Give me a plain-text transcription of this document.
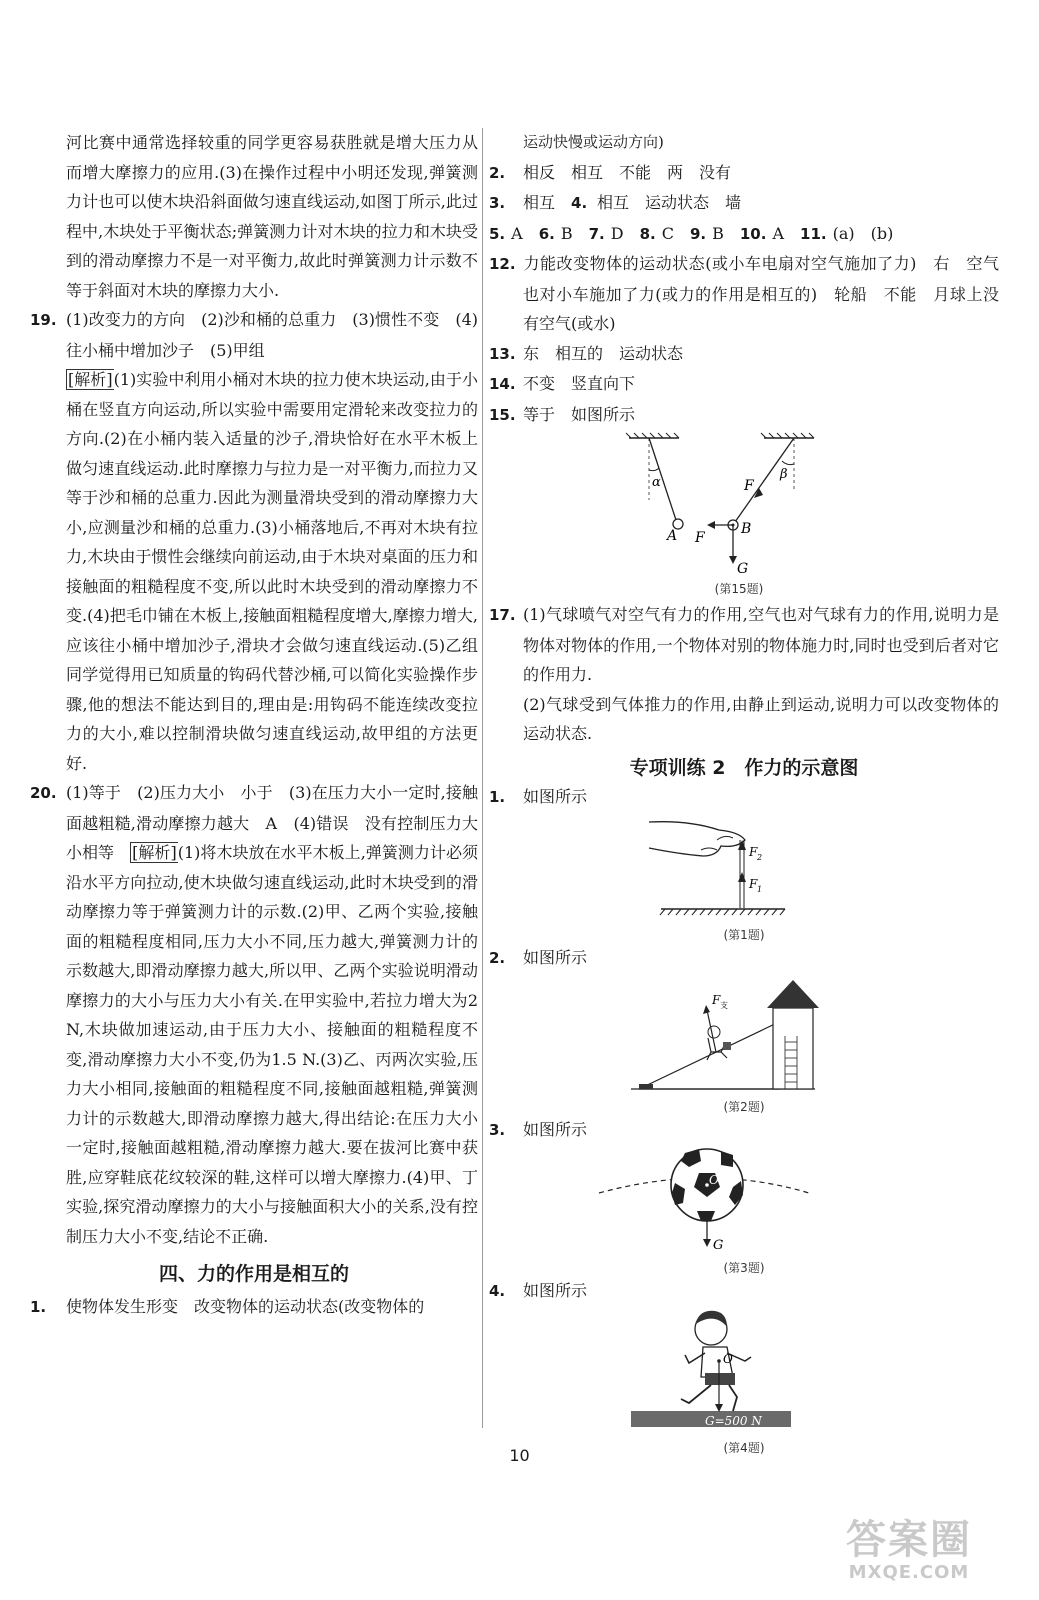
河比赛中通常选择较重的同学更容易获胜就是增大压力从而增大摩擦力的应用.(3)在操作过程中小明还发现,弹簧测力计也可以使木块沿斜面做匀速直线运动,如图丁所示,此过程中,木块处于平衡状态;弹簧测力计对木块的拉力和木块受到的滑动摩擦力不是一对平衡力,故此时弹簧测力计示数不等于斜面对木块的摩擦力大小.

19. (1)改变力的方向　(2)沙和桶的总重力　(3)惯性不变　(4)往小桶中增加沙子　(5)甲组

[解析](1)实验中利用小桶对木块的拉力使木块运动,由于小桶在竖直方向运动,所以实验中需要用定滑轮来改变拉力的方向.(2)在小桶内装入适量的沙子,滑块恰好在水平木板上做匀速直线运动.此时摩擦力与拉力是一对平衡力,而拉力又等于沙和桶的总重力.因此为测量滑块受到的滑动摩擦力大小,应测量沙和桶的总重力.(3)小桶落地后,不再对木块有拉力,木块由于惯性会继续向前运动,由于木块对桌面的压力和接触面的粗糙程度不变,所以此时木块受到的滑动摩擦力不变.(4)把毛巾铺在木板上,接触面粗糙程度增大,摩擦力增大,应该往小桶中增加沙子,滑块才会做匀速直线运动.(5)乙组同学觉得用已知质量的钩码代替沙桶,可以简化实验操作步骤,他的想法不能达到目的,理由是:用钩码不能连续改变拉力的大小,难以控制滑块做匀速直线运动,故甲组的方法更好.

20. (1)等于　(2)压力大小　小于　(3)在压力大小一定时,接触面越粗糙,滑动摩擦力越大　A　(4)错误　没有控制压力大小相等　[解析](1)将木块放在水平木板上,弹簧测力计必须沿水平方向拉动,使木块做匀速直线运动,此时木块受到的滑动摩擦力等于弹簧测力计的示数.(2)甲、乙两个实验,接触面的粗糙程度相同,压力大小不同,压力越大,弹簧测力计的示数越大,即滑动摩擦力越大,所以甲、乙两个实验说明滑动摩擦力的大小与压力大小有关.在甲实验中,若拉力增大为2 N,木块做加速运动,由于压力大小、接触面的粗糙程度不变,滑动摩擦力大小不变,仍为1.5 N.(3)乙、丙两次实验,压力大小相同,接触面的粗糙程度不同,接触面越粗糙,弹簧测力计的示数越大,即滑动摩擦力越大,得出结论:在压力大小一定时,接触面越粗糙,滑动摩擦力越大.要在拔河比赛中获胜,应穿鞋底花纹较深的鞋,这样可以增大摩擦力.(4)甲、丁实验,探究滑动摩擦力的大小与接触面积大小的关系,没有控制压力大小不变,结论不正确.

四、力的作用是相互的

1. 使物体发生形变　改变物体的运动状态(改变物体的

运动快慢或运动方向)

2. 相反　相互　不能　两　没有

3. 相互　4. 相互　运动状态　墙

5. A 6. B 7. D 8. C 9. B 10. A 11. (a)　(b)

12. 力能改变物体的运动状态(或小车电扇对空气施加了力)　右　空气也对小车施加了力(或力的作用是相互的)　轮船　不能　月球上没有空气(或水)

13. 东　相互的　运动状态

14. 不变　竖直向下

15. 等于　如图所示

α
A
β
F
B
F
G
(第15题)

17. (1)气球喷气对空气有力的作用,空气也对气球有力的作用,说明力是物体对物体的作用,一个物体对别的物体施力时,同时也受到后者对它的作用力.

(2)气球受到气体推力的作用,由静止到运动,说明力可以改变物体的运动状态.

专项训练 2　作力的示意图

1. 如图所示

F 2
F 1
(第1题)

2. 如图所示

F 支
(第2题)

3. 如图所示

O
G
(第3题)

4. 如图所示

O
G=500 N
(第4题)
10
答案圈
MXQE.COM
